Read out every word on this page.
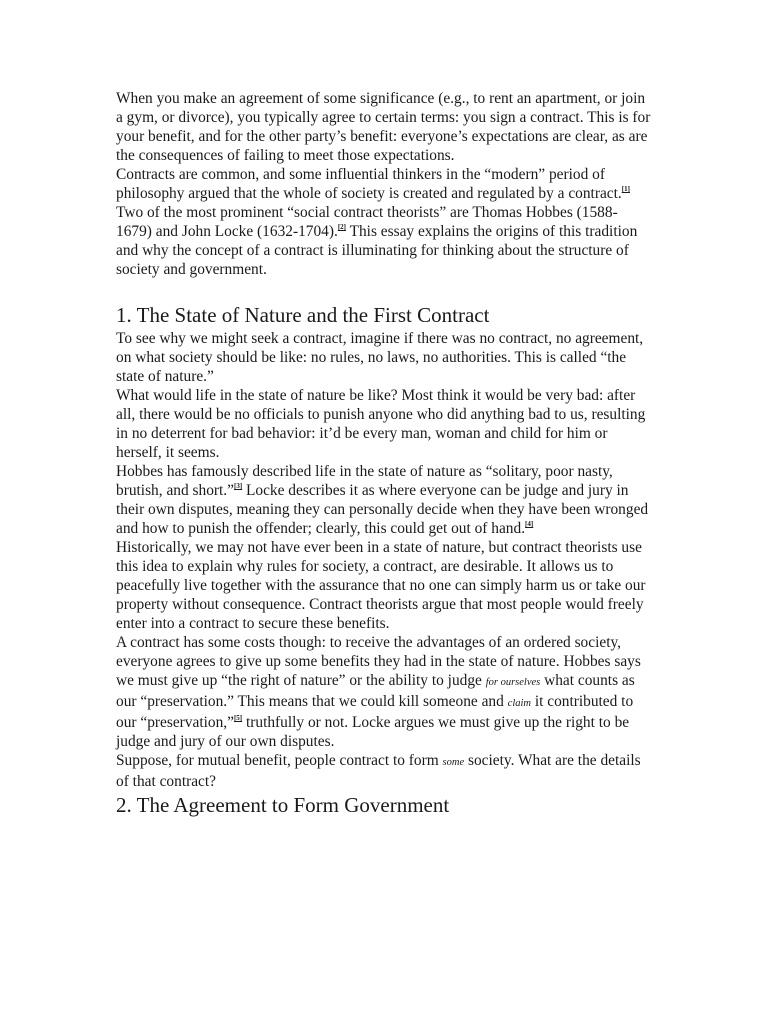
When you make an agreement of some significance (e.g., to rent an apartment, or join a gym, or divorce), you typically agree to certain terms: you sign a contract. This is for your benefit, and for the other party’s benefit: everyone’s expectations are clear, as are the consequences of failing to meet those expectations.

Contracts are common, and some influential thinkers in the “modern” period of philosophy argued that the whole of society is created and regulated by a contract.[1] Two of the most prominent “social contract theorists” are Thomas Hobbes (1588-1679) and John Locke (1632-1704).[2] This essay explains the origins of this tradition and why the concept of a contract is illuminating for thinking about the structure of society and government.

1. The State of Nature and the First Contract

To see why we might seek a contract, imagine if there was no contract, no agreement, on what society should be like: no rules, no laws, no authorities. This is called “the state of nature.”

What would life in the state of nature be like? Most think it would be very bad: after all, there would be no officials to punish anyone who did anything bad to us, resulting in no deterrent for bad behavior: it’d be every man, woman and child for him or herself, it seems.

Hobbes has famously described life in the state of nature as “solitary, poor nasty, brutish, and short.”[3] Locke describes it as where everyone can be judge and jury in their own disputes, meaning they can personally decide when they have been wronged and how to punish the offender; clearly, this could get out of hand.[4]

Historically, we may not have ever been in a state of nature, but contract theorists use this idea to explain why rules for society, a contract, are desirable. It allows us to peacefully live together with the assurance that no one can simply harm us or take our property without consequence. Contract theorists argue that most people would freely enter into a contract to secure these benefits.

A contract has some costs though: to receive the advantages of an ordered society, everyone agrees to give up some benefits they had in the state of nature. Hobbes says we must give up “the right of nature” or the ability to judge for ourselves what counts as our “preservation.” This means that we could kill someone and claim it contributed to our “preservation,”[5] truthfully or not. Locke argues we must give up the right to be judge and jury of our own disputes.

Suppose, for mutual benefit, people contract to form some society. What are the details of that contract?

2. The Agreement to Form Government
